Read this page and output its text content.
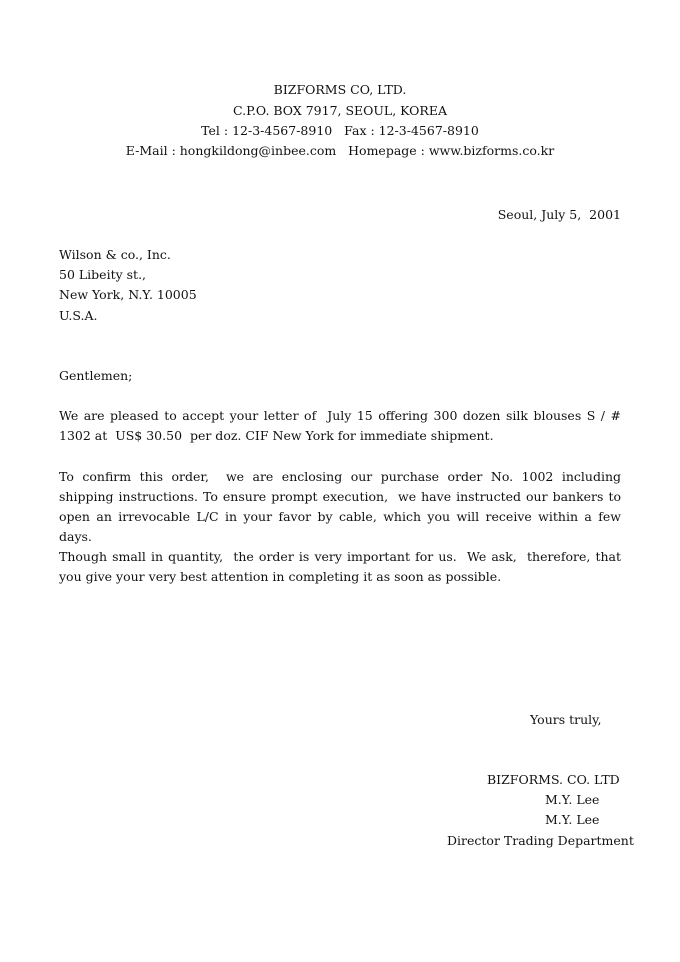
BIZFORMS CO, LTD.
C.P.O. BOX 7917, SEOUL, KOREA
Tel : 12-3-4567-8910   Fax : 12-3-4567-8910
E-Mail : hongkildong@inbee.com   Homepage : www.bizforms.co.kr
Seoul, July 5,  2001
Wilson & co., Inc.
50 Libeity st.,
New York, N.Y. 10005
U.S.A.
Gentlemen;

We are pleased to accept your letter of  July 15 offering 300 dozen silk blouses S / #  1302 at  US$ 30.50  per doz. CIF New York for immediate shipment.

To confirm this order,  we are enclosing our purchase order No. 1002 including shipping instructions. To ensure prompt execution,  we have instructed our bankers to open an irrevocable L/C in your favor by cable, which you will receive within a few days.

Though small in quantity,  the order is very important for us.  We ask,  therefore, that you give your very best attention in completing it as soon as possible.

Yours truly,
BIZFORMS. CO. LTD
M.Y. Lee
M.Y. Lee
Director Trading Department
